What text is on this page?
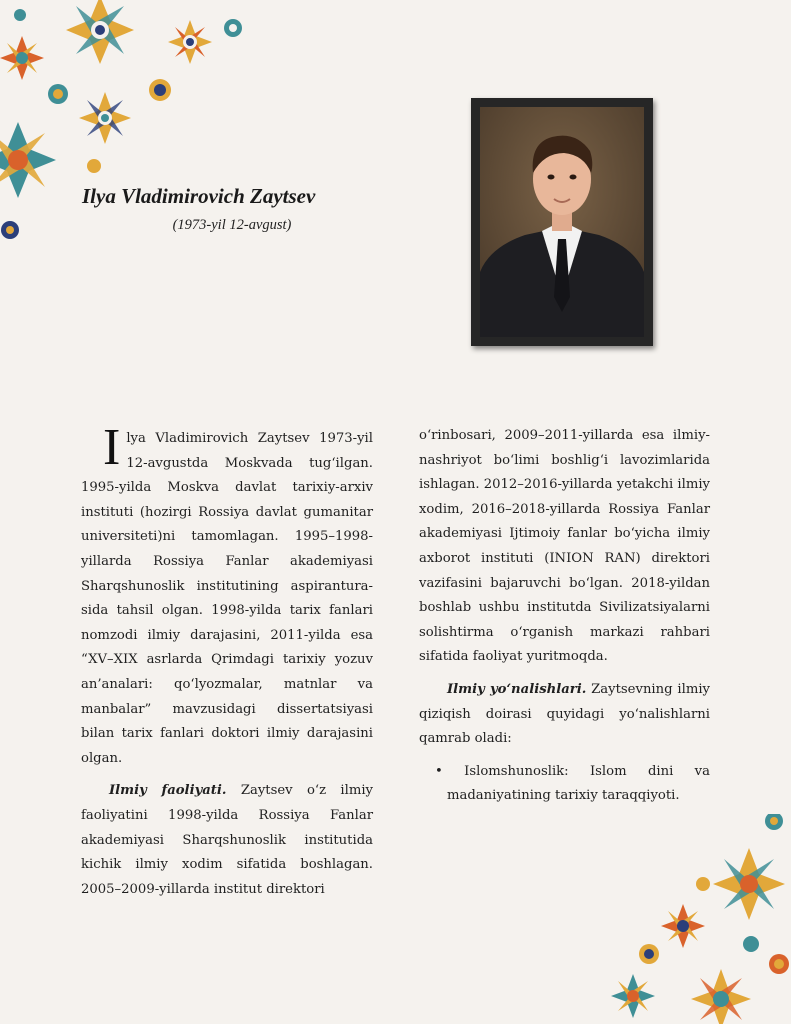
Ilya Vladimirovich Zaytsev
(1973-yil 12-avgust)

Ilya Vladimirovich Zaytsev 1973-yil 12-avgustda Moskvada tug‘ilgan. 1995-yilda Moskva davlat tarixiy-arxiv instituti (hozirgi Rossiya davlat gumanitar universiteti)ni tamomlagan. 1995–1998-yillarda Rossiya Fanlar akademiyasi Sharqshunoslik institutining aspirantura-sida tahsil olgan. 1998-yilda tarix fanlari nomzodi ilmiy darajasini, 2011-yilda esa “XV–XIX asrlarda Qrimdagi tarixiy yozuv an’analari: qo‘lyozmalar, matnlar va manbalar” mavzusidagi dissertatsiyasi bilan tarix fanlari doktori ilmiy darajasini olgan.

Ilmiy faoliyati. Zaytsev o‘z ilmiy faoliyatini 1998-yilda Rossiya Fanlar akademiyasi Sharqshunoslik institutida kichik ilmiy xodim sifatida boshlagan. 2005–2009-yillarda institut direktori

o‘rinbosari, 2009–2011-yillarda esa ilmiy-nashriyot bo‘limi boshlig‘i lavozimlarida ishlagan. 2012–2016-yillarda yetakchi ilmiy xodim, 2016–2018-yillarda Rossiya Fanlar akademiyasi Ijtimoiy fanlar bo‘yicha ilmiy axborot instituti (INION RAN) direktori vazifasini bajaruvchi bo‘lgan. 2018-yildan boshlab ushbu institutda Sivilizatsiyalarni solishtirma o‘rganish markazi rahbari sifatida faoliyat yuritmoqda.

Ilmiy yo‘nalishlari. Zaytsevning ilmiy qiziqish doirasi quyidagi yo‘nalishlarni qamrab oladi:

• Islomshunoslik: Islom dini va madaniyatining tarixiy taraqqiyoti.
